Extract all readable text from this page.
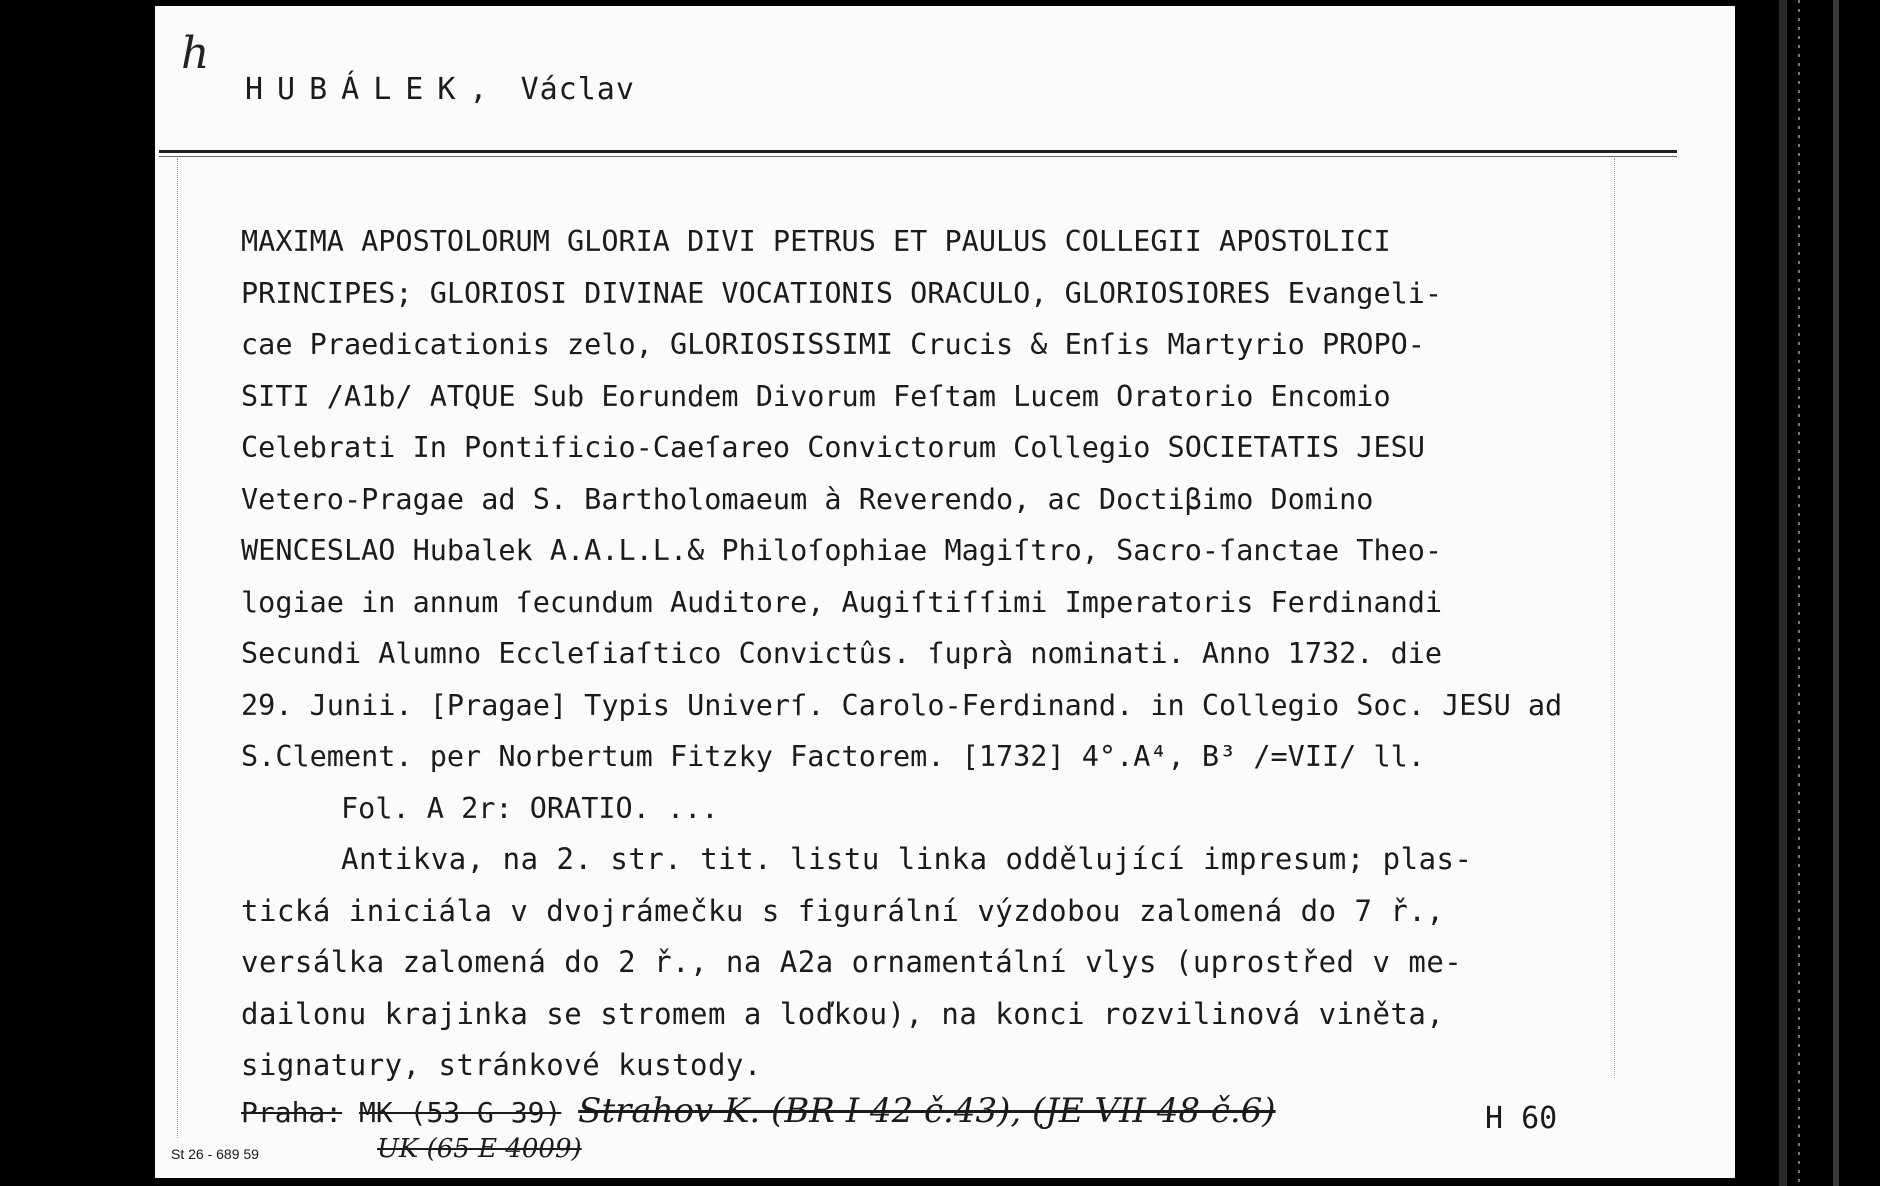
h
HUBÁLEK, Václav
MAXIMA APOSTOLORUM GLORIA DIVI PETRUS ET PAULUS COLLEGII APOSTOLICI
PRINCIPES; GLORIOSI DIVINAE VOCATIONIS ORACULO, GLORIOSIORES Evangeli-
cae Praedicationis zelo, GLORIOSISSIMI Crucis & Enſis Martyrio PROPO-
SITI /A1b/ ATQUE Sub Eorundem Divorum Feſtam Lucem Oratorio Encomio
Celebrati In Pontificio-Caeſareo Convictorum Collegio SOCIETATIS JESU
Vetero-Pragae ad S. Bartholomaeum à Reverendo, ac Doctiβimo Domino
WENCESLAO Hubalek A.A.L.L.& Philoſophiae Magiſtro, Sacro-ſanctae Theo-
logiae in annum ſecundum Auditore, Augiſtiſſimi Imperatoris Ferdinandi
Secundi Alumno Eccleſiaſtico Convictûs. ſuprà nominati. Anno 1732. die
29. Junii. [Pragae] Typis Univerſ. Carolo-Ferdinand. in Collegio Soc. JESU ad
S.Clement. per Norbertum Fitzky Factorem. [1732] 4°.A⁴, B³ /=VII/ ll.
Fol. A 2r: ORATIO. ...
Antikva, na 2. str. tit. listu linka oddělující impresum; plas-
tická iniciála v dvojrámečku s figurální výzdobou zalomená do 7 ř.,
versálka zalomená do 2 ř., na A2a ornamentální vlys (uprostřed v me-
dailonu krajinka se stromem a loďkou), na konci rozvilinová viněta,
signatury, stránkové kustody.
Praha: MK (53 G 39) Strahov K. (BR I 42 č.43), (JE VII 48 č.6)
UK (65 E 4009)
H 60
St 26 - 689 59
